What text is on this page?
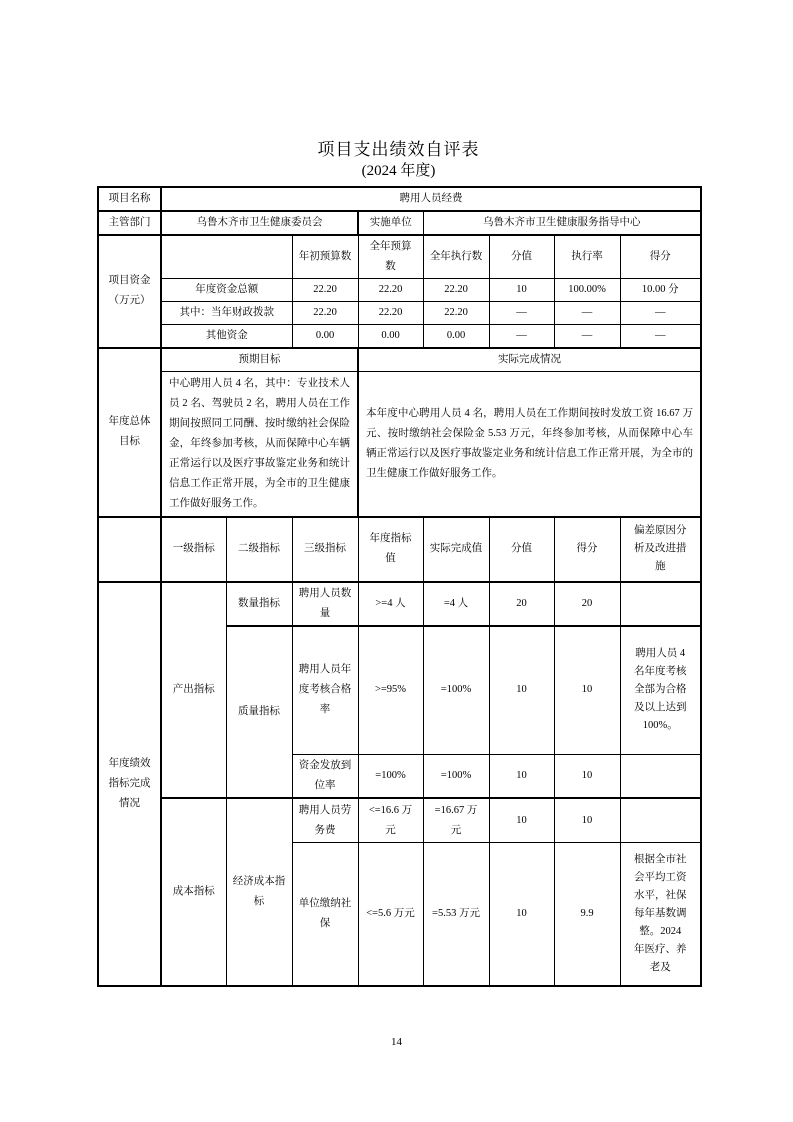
项目支出绩效自评表
(2024 年度)
项目名称	聘用人员经费							
主管部门	乌鲁木齐市卫生健康委员会			实施单位	乌鲁木齐市卫生健康服务指导中心			
项目资金（万元）			年初预算数	全年预算数	全年执行数	分值	执行率	得分
	年度资金总额		22.20	22.20	22.20	10	100.00%	10.00 分
	其中：当年财政拨款		22.20	22.20	22.20	—	—	—
	其他资金		0.00	0.00	0.00	—	—	—
年度总体目标	预期目标			实际完成情况				
	中心聘用人员 4 名，其中：专业技术人员 2 名、驾驶员 2 名，聘用人员在工作期间按照同工同酬、按时缴纳社会保险金，年终参加考核，从而保障中心车辆正常运行以及医疗事故鉴定业务和统计信息工作正常开展，为全市的卫生健康工作做好服务工作。			本年度中心聘用人员 4 名，聘用人员在工作期间按时发放工资 16.67 万元、按时缴纳社会保险金 5.53 万元，年终参加考核，从而保障中心车辆正常运行以及医疗事故鉴定业务和统计信息工作正常开展，为全市的卫生健康工作做好服务工作。				
	一级指标	二级指标	三级指标	年度指标值	实际完成值	分值	得分	偏差原因分析及改进措施
年度绩效指标完成情况	产出指标	数量指标	聘用人员数量	>=4 人	=4 人	20	20	
		质量指标	聘用人员年度考核合格率	>=95%	=100%	10	10	聘用人员 4 名年度考核全部为合格及以上达到 100%。
			资金发放到位率	=100%	=100%	10	10	
	成本指标	经济成本指标	聘用人员劳务费	<=16.6 万元	=16.67 万元	10	10	
			单位缴纳社保	<=5.6 万元	=5.53 万元	10	9.9	根据全市社会平均工资水平，社保每年基数调整。2024 年医疗、养老及
14
